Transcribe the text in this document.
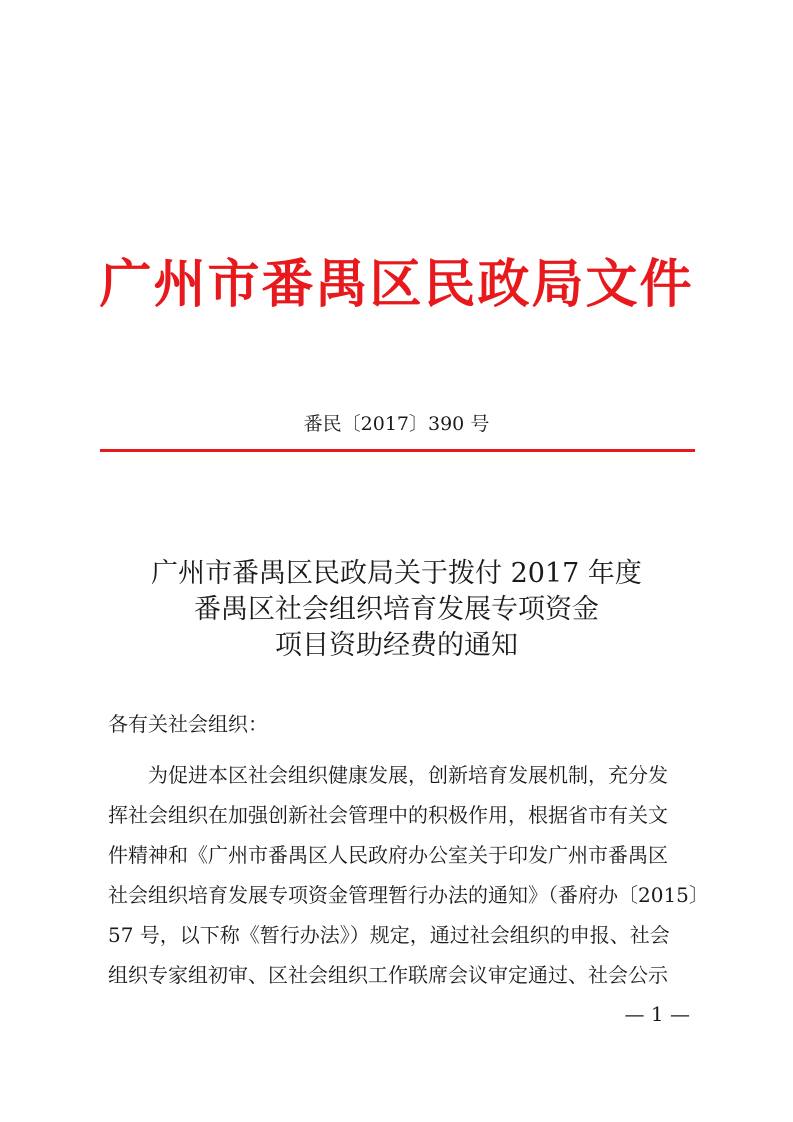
广州市番禺区民政局文件
番民〔2017〕390 号
广州市番禺区民政局关于拨付 2017 年度
番禺区社会组织培育发展专项资金
项目资助经费的通知
各有关社会组织：
　　为促进本区社会组织健康发展，创新培育发展机制，充分发
挥社会组织在加强创新社会管理中的积极作用，根据省市有关文
件精神和《广州市番禺区人民政府办公室关于印发广州市番禺区
社会组织培育发展专项资金管理暂行办法的通知》（番府办〔2015〕
57 号，以下称《暂行办法》）规定，通过社会组织的申报、社会
组织专家组初审、区社会组织工作联席会议审定通过、社会公示
— 1 —
